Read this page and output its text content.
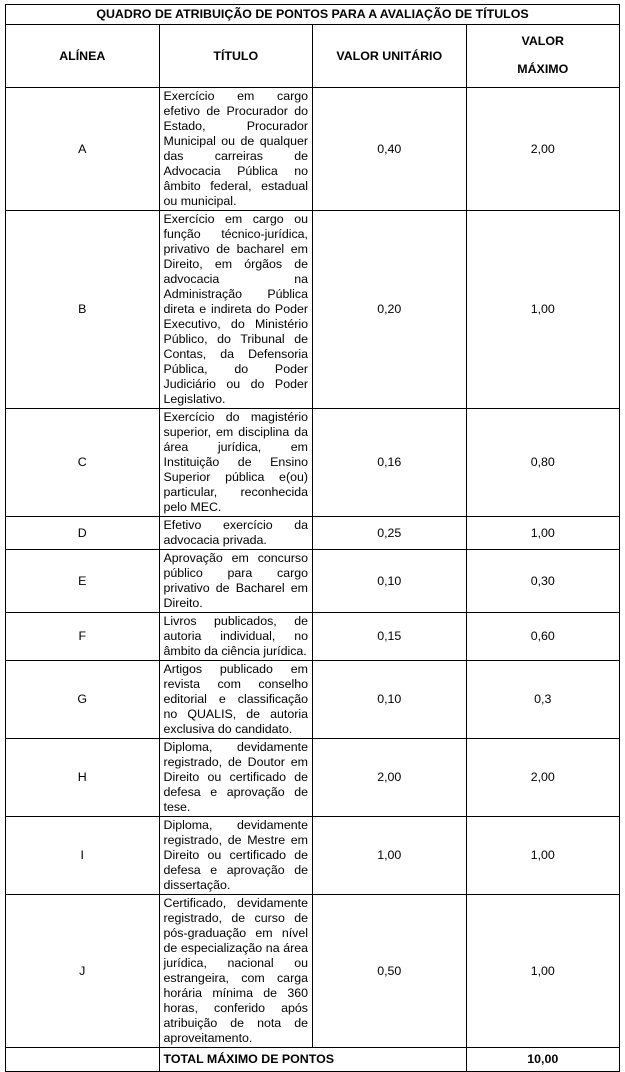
QUADRO DE ATRIBUIÇÃO DE PONTOS PARA A AVALIAÇÃO DE TÍTULOS			
ALÍNEA	TÍTULO	VALOR UNITÁRIO	VALOR
MÁXIMO

A	Exercício em cargo efetivo de Procurador do Estado, Procurador Municipal ou de qualquer das carreiras de Advocacia Pública no âmbito federal, estadual ou municipal.	0,40	2,00
B	Exercício em cargo ou função técnico-jurídica, privativo de bacharel em Direito, em órgãos de advocacia na Administração Pública direta e indireta do Poder Executivo, do Ministério Público, do Tribunal de Contas, da Defensoria Pública, do Poder Judiciário ou do Poder Legislativo.	0,20	1,00
C	Exercício do magistério superior, em disciplina da área jurídica, em Instituição de Ensino Superior pública e(ou) particular, reconhecida pelo MEC.	0,16	0,80
D	Efetivo exercício da advocacia privada.	0,25	1,00
E	Aprovação em concurso público para cargo privativo de Bacharel em Direito.	0,10	0,30
F	Livros publicados, de autoria individual, no âmbito da ciência jurídica.	0,15	0,60
G	Artigos publicado em revista com conselho editorial e classificação no QUALIS, de autoria exclusiva do candidato.	0,10	0,3
H	Diploma, devidamente registrado, de Doutor em Direito ou certificado de defesa e aprovação de tese.	2,00	2,00
I	Diploma, devidamente registrado, de Mestre em Direito ou certificado de defesa e aprovação de dissertação.	1,00	1,00
J	Certificado, devidamente registrado, de curso de pós-graduação em nível de especialização na área jurídica, nacional ou estrangeira, com carga horária mínima de 360 horas, conferido após atribuição de nota de aproveitamento.	0,50	1,00
	TOTAL MÁXIMO DE PONTOS		10,00
